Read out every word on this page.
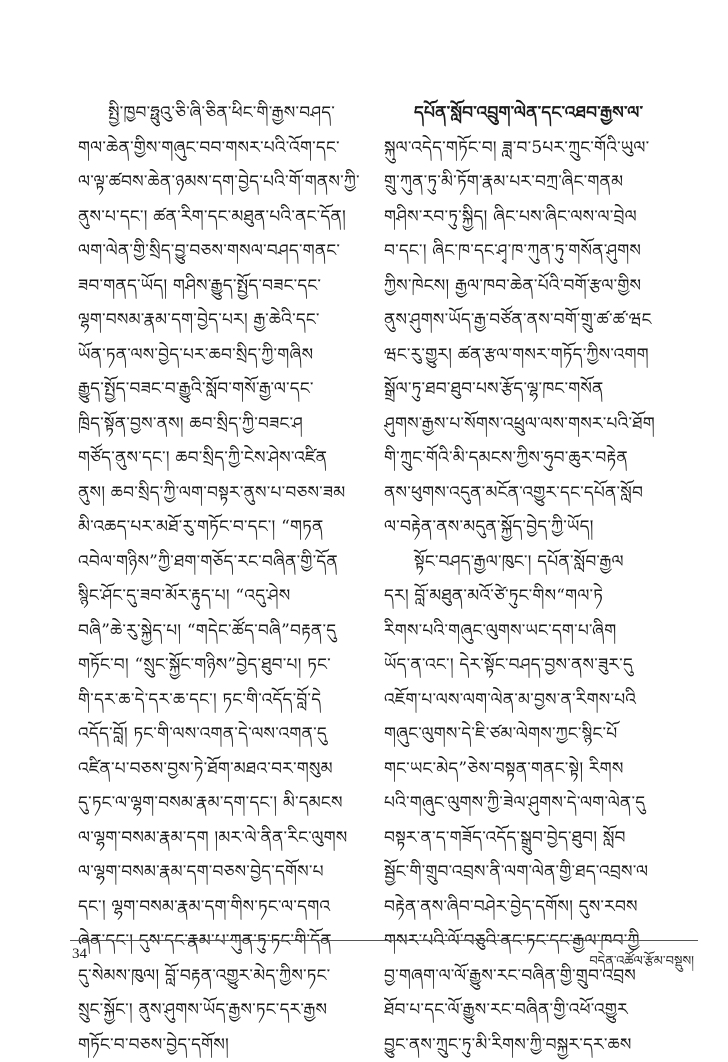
སྤྱི་ཁྱབ་ཧྥུའུ་ཅི་ཞི་ཅིན་ཕིང་གི་རྒྱས་བཤད་
གལ་ཆེན་གྱིས་གཞུང་བབ་གསར་པའི་འོག་དང་
ལ་ལྟ་ཚབས་ཆེན་ཉམས་དག་བྱེད་པའི་གོ་གནས་ཀྱི་
ནུས་པ་དང་། ཚན་རིག་དང་མཐུན་པའི་ནང་དོན།
ལག་ལེན་གྱི་སྲིད་བྱུ་བཅས་གསལ་བཤད་གནང་
ཟབ་གནད་ཡོད། གཤིས་རྒྱུད་སྤྱོད་བཟང་དང་
ལྷག་བསམ་རྣམ་དག་བྱེད་པར། རྒྱ་ཆེའི་དང་
ཡོན་ཏན་ལས་བྱེད་པར་ཆབ་སྲིད་ཀྱི་གཞིས
རྒྱུད་སྤྱོད་བཟང་བ་རྒྱུའི་སློབ་གསོ་རྒྱ་ལ་དང་
ཁྲིད་སྟོན་བྱས་ནས། ཆབ་སྲིད་ཀྱི་བཟང་ཤ
གཙོད་ནུས་དང་། ཆབ་སྲིད་ཀྱི་ངེས་ཤེས་འཛིན
ནུས། ཆབ་སྲིད་ཀྱི་ལག་བསྟར་ནུས་པ་བཅས་ཟམ
མི་འཆད་པར་མཐོ་རུ་གཏོང་བ་དང་། “གཏན
འབེལ་གཉིས”ཀྱི་ཐག་གཅོད་རང་བཞིན་གྱི་དོན
སྙིང་ཤོང་དུ་ཟབ་མོར་རྟུད་པ། “འདུ་ཤེས
བཞི”ཆེ་རུ་སྐྱེད་པ། “གདེང་ཚོད་བཞི”བརྟན་དུ
གཏོང་བ། “སྲུང་སྐྱོང་གཉིས”བྱེད་ཐུབ་པ། ཏང་
གི་དར་ཆ་དེ་དར་ཆ་དང་། ཏང་གི་འདོད་བློ་དེ
འདོད་བློ། ཏང་གི་ལས་འགན་དེ་ལས་འགན་དུ
འཛིན་པ་བཅས་བྱས་ཏེ་ཐོག་མཐའ་བར་གསུམ
དུ་ཏང་ལ་ལྷག་བསམ་རྣམ་དག་དང་། མི་དམངས
ལ་ལྷག་བསམ་རྣམ་དག །མར་ལེ་ནིན་རིང་ལུགས
ལ་ལྷག་བསམ་རྣམ་དག་བཅས་བྱེད་དགོས་པ
དང་། ལྷག་བསམ་རྣམ་དག་གིས་ཏང་ལ་དགའ
ཞེན་དང་། དུས་དང་རྣམ་པ་ཀུན་ཏུ་ཏང་གི་དོན
དུ་སེམས་ཁུལ། བློ་བརྟན་འགྱུར་མེད་ཀྱིས་ཏང་
སྲུང་སྐྱོང་། ནུས་ཤུགས་ཡོད་རྒྱས་ཏང་དར་རྒྱས
གཏོང་བ་བཅས་བྱེད་དགོས།
དཔོན་སློབ་འབྲུག་ལེན་དང་འཐབ་རྒྱས་ལ་
སྐུལ་འདེད་གཏོང་བ། ཟླ་བ་5པར་ཀྲུང་གོའི་ཡུལ་
གྲུ་ཀུན་ཏུ་མི་ཏོག་རྣམ་པར་བཀྲ་ཞིང་གནམ
གཤིས་རབ་ཏུ་སྐྱིད། ཞིང་པས་ཞིང་ལས་ལ་བྲེལ
བ་དང་། ཞིང་ཁ་དང་ཤྭ་ཁ་ཀུན་ཏུ་གསོན་ཤུགས
ཀྱིས་ཁེངས། རྒྱལ་ཁབ་ཆེན་པོའི་བགོ་རྩལ་གྱིས
ནུས་ཤུགས་ཡོད་རྒྱ་བཙོན་ནས་བགོ་གྲུ་ཚ་ཚ་ཝང
ཝང་རུ་གྱུར། ཚན་རྩལ་གསར་གཏོད་ཀྱིས་འགག
སྒྲོལ་ཏུ་ཐབ་ཐུབ་པས་རྩོད་ལྷ་ཁང་གསོན
ཤུགས་རྒྱས་པ་སོགས་འཕྲུལ་ལས་གསར་པའི་ཐོག
གི་ཀྲུང་གོའི་མི་དམངས་ཀྱིས་ཧུབ་ཆུར་བརྟེན
ནས་ཕུགས་འདུན་མངོན་འགྱུར་དང་དཔོན་སློབ
ལ་བརྟེན་ནས་མདུན་སྐྱོད་བྱེད་ཀྱི་ཡོད།
སྟོང་བཤད་རྒྱལ་ཁུང་། དཔོན་སློབ་རྒྱལ
དར། བློ་མཐུན་མའོ་ཙེ་ཏུང་གིས“གལ་ཏེ
རིགས་པའི་གཞུང་ལུགས་ཡང་དག་པ་ཞིག
ཡོད་ན་འང་། དེར་སྟོང་བཤད་བྱས་ནས་ཟུར་དུ
འཇོག་པ་ལས་ལག་ལེན་མ་བྱས་ན་རིགས་པའི
གཞུང་ལུགས་དེ་ཇི་ཙམ་ལེགས་ཀྱང་སྙིང་པོ
གང་ཡང་མེད”ཅེས་བསྟན་གནང་སྟེ། རིགས
པའི་གཞུང་ལུགས་ཀྱི་ཟེལ་ཤུགས་དེ་ལག་ལེན་དུ
བསྟར་ན་ད་གཟོད་འདོད་སྒྲུབ་བྱེད་ཐུབ། སློབ
སྦྱོང་གི་གྲུབ་འབྲས་ནི་ལག་ལེན་གྱི་ཐད་འབྲས་ལ
བརྟེན་ནས་ཞིབ་བཤེར་བྱེད་དགོས། དུས་རབས
གསར་པའི་ལོ་བཅུའི་ནང་ཏང་དང་རྒྱལ་ཁབ་ཀྱི
བྱ་གཞག་ལ་ལོ་རྒྱུས་རང་བཞིན་གྱི་གྲུབ་འབྲས
ཐོབ་པ་དང་ལོ་རྒྱུས་རང་བཞིན་གྱི་འཕོ་འགྱུར
བྱུང་ནས་ཀྲུང་ཏུ་མི་རིགས་ཀྱི་བསྐྱར་དར་ཆས
34	བདེན་འཚོལ་རྩོམ་བསྡུས།
